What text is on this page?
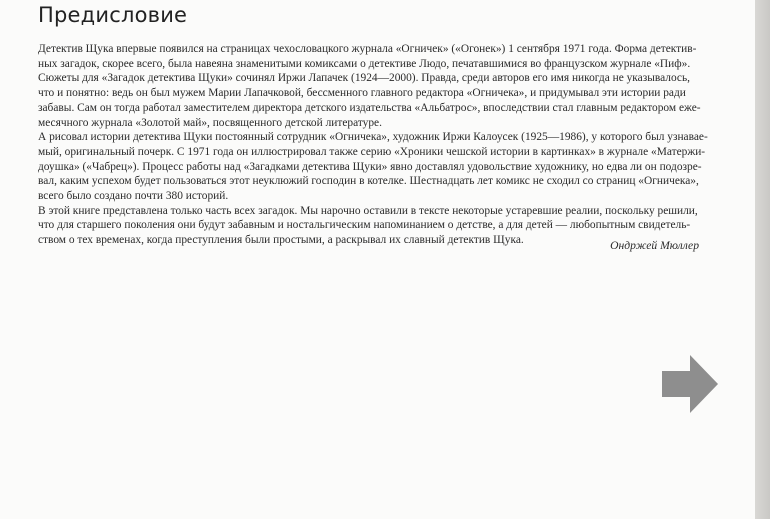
Предисловие

Детектив Щука впервые появился на страницах чехословацкого журнала «Огничек» («Огонек») 1 сентября 1971 года. Форма детектив-
ных загадок, скорее всего, была навеяна знаменитыми комиксами о детективе Людо, печатавшимися во французском журнале «Пиф».
Сюжеты для «Загадок детектива Щуки» сочинял Иржи Лапачек (1924—2000). Правда, среди авторов его имя никогда не указывалось,
что и понятно: ведь он был мужем Марии Лапачковой, бессменного главного редактора «Огничека», и придумывал эти истории ради
забавы. Сам он тогда работал заместителем директора детского издательства «Альбатрос», впоследствии стал главным редактором еже-
месячного журнала «Золотой май», посвященного детской литературе.

А рисовал истории детектива Щуки постоянный сотрудник «Огничека», художник Иржи Калоусек (1925—1986), у которого был узнавае-
мый, оригинальный почерк. С 1971 года он иллюстрировал также серию «Хроники чешской истории в картинках» в журнале «Матержи-
доушка» («Чабрец»). Процесс работы над «Загадками детектива Щуки» явно доставлял удовольствие художнику, но едва ли он подозре-
вал, каким успехом будет пользоваться этот неуклюжий господин в котелке. Шестнадцать лет комикс не сходил со страниц «Огничека»,
всего было создано почти 380 историй.

В этой книге представлена только часть всех загадок. Мы нарочно оставили в тексте некоторые устаревшие реалии, поскольку решили,
что для старшего поколения они будут забавным и ностальгическим напоминанием о детстве, а для детей — любопытным свидетель-
ством о тех временах, когда преступления были простыми, а раскрывал их славный детектив Щука.	Ондржей Мюллер
